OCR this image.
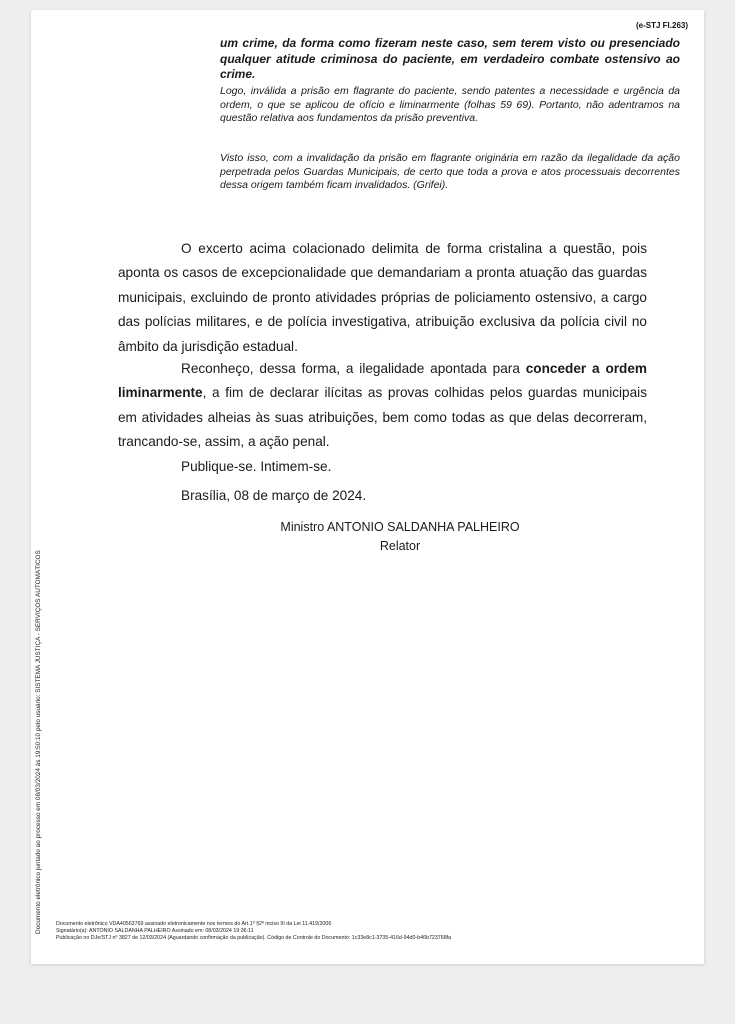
(e-STJ Fl.263)

um crime, da forma como fizeram neste caso, sem terem visto ou presenciado qualquer atitude criminosa do paciente, em verdadeiro combate ostensivo ao crime.

Logo, inválida a prisão em flagrante do paciente, sendo patentes a necessidade e urgência da ordem, o que se aplicou de ofício e liminarmente (folhas 59 69). Portanto, não adentramos na questão relativa aos fundamentos da prisão preventiva.

Visto isso, com a invalidação da prisão em flagrante originária em razão da ilegalidade da ação perpetrada pelos Guardas Municipais, de certo que toda a prova e atos processuais decorrentes dessa origem também ficam invalidados. (Grifei).

O excerto acima colacionado delimita de forma cristalina a questão, pois aponta os casos de excepcionalidade que demandariam a pronta atuação das guardas municipais, excluindo de pronto atividades próprias de policiamento ostensivo, a cargo das polícias militares, e de polícia investigativa, atribuição exclusiva da polícia civil no âmbito da jurisdição estadual.

Reconheço, dessa forma, a ilegalidade apontada para conceder a ordem liminarmente, a fim de declarar ilícitas as provas colhidas pelos guardas municipais em atividades alheias às suas atribuições, bem como todas as que delas decorreram, trancando-se, assim, a ação penal.

Publique-se. Intimem-se.

Brasília, 08 de março de 2024.

Ministro ANTONIO SALDANHA PALHEIRO

Relator

Documento eletrônico juntado ao processo em 08/03/2024 às 19:50:10 pelo usuário: SISTEMA JUSTIÇA - SERVIÇOS AUTOMÁTICOS	Documento eletrônico VDA40563769 assinado eletronicamente nos termos do Art.1º §2º inciso III da Lei 11.419/2006
Signatário(a): ANTONIO SALDANHA PALHEIRO Assinado em: 08/03/2024 19:36:11
Publicação no DJe/STJ nº 3827 de 12/03/2024 (Aguardando confirmação da publicação). Código de Controle do Documento: 1c33e8c1-3735-416d-94d0-b46b723768fa
